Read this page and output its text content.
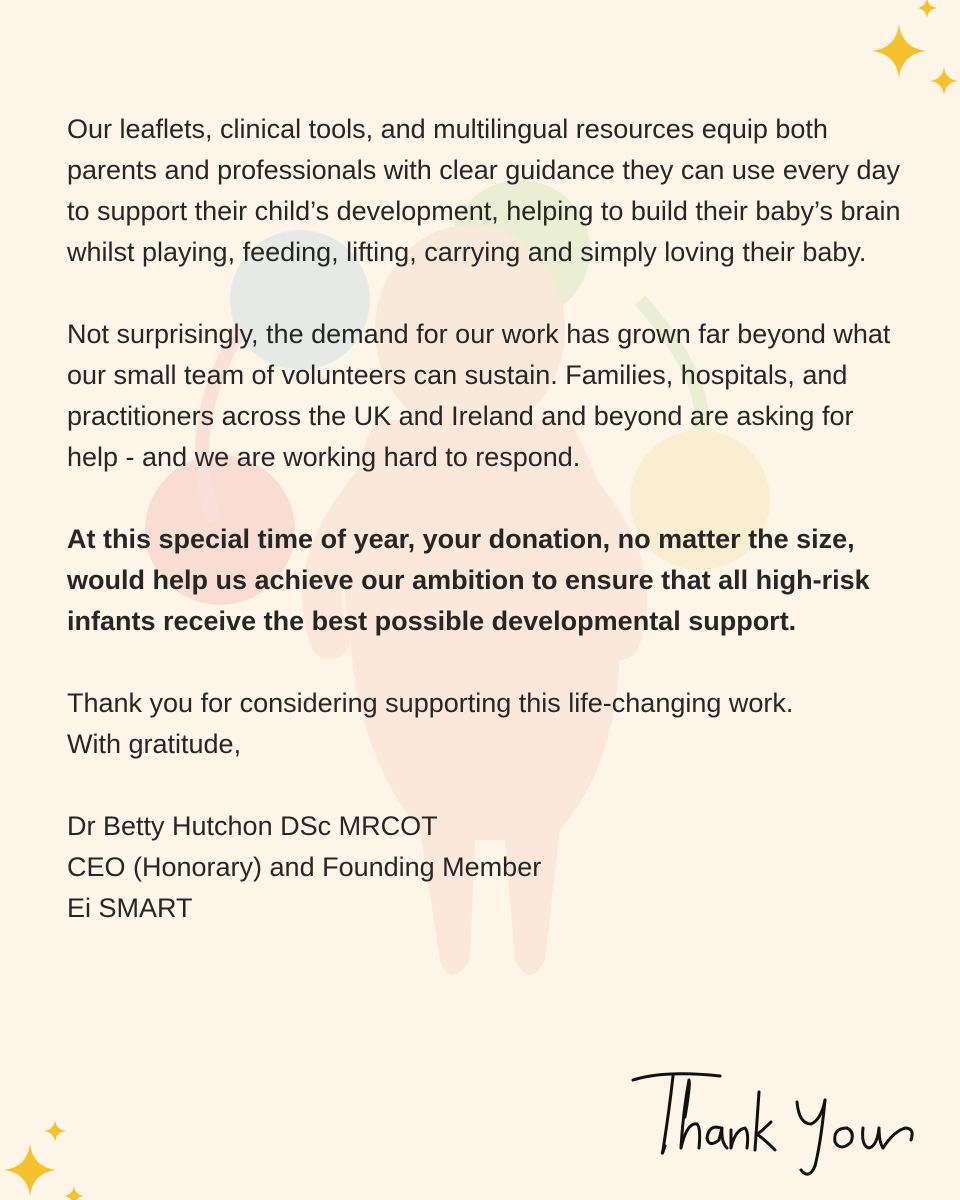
Our leaflets, clinical tools, and multilingual resources equip both parents and professionals with clear guidance they can use every day to support their child’s development, helping to build their baby’s brain whilst playing, feeding, lifting, carrying and simply loving their baby.

Not surprisingly, the demand for our work has grown far beyond what our small team of volunteers can sustain. Families, hospitals, and practitioners across the UK and Ireland and beyond are asking for help - and we are working hard to respond.

At this special time of year, your donation, no matter the size, would help us achieve our ambition to ensure that all high-risk infants receive the best possible developmental support.

Thank you for considering supporting this life-changing work.
With gratitude,

Dr Betty Hutchon DSc MRCOT
CEO (Honorary) and Founding Member
Ei SMART
